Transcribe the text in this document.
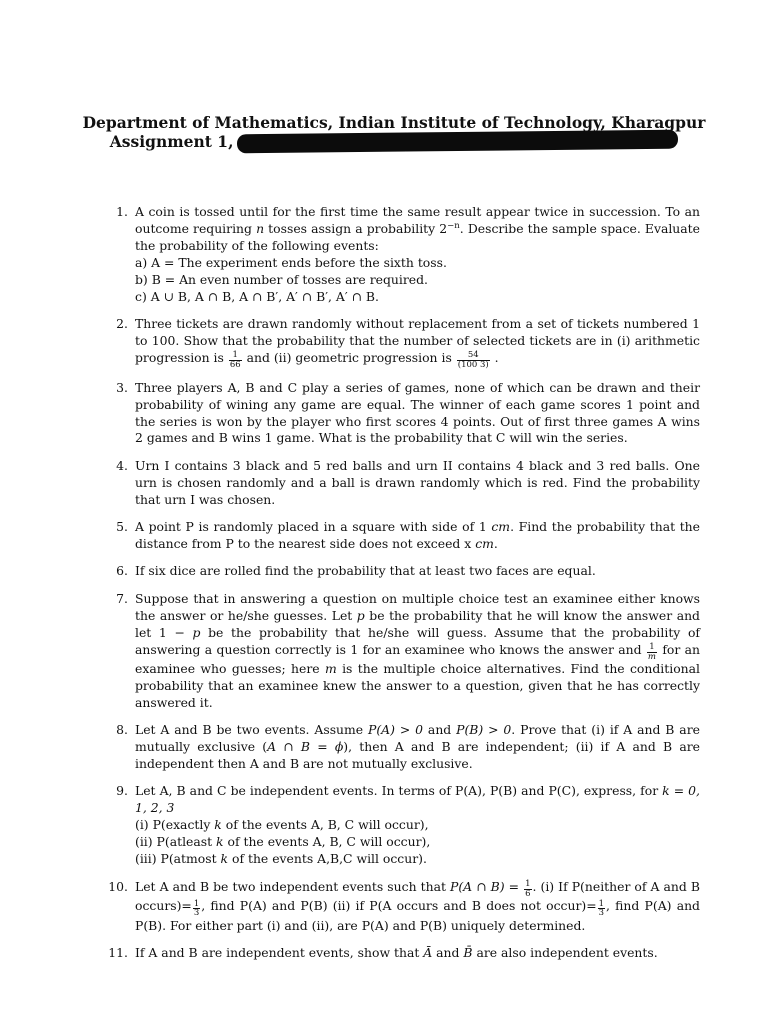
Department of Mathematics, Indian Institute of Technology, Kharagpur
Assignment 1,
1. A coin is tossed until for the first time the same result appear twice in succession. To an outcome requiring n tosses assign a probability $2^{-n}$. Describe the sample space. Evaluate the probability of the following events:

a) A = The experiment ends before the sixth toss.

b) B = An even number of tosses are required.

c) A ∪ B, A ∩ B, A ∩ B′, A′ ∩ B′, A′ ∩ B.

2. Three tickets are drawn randomly without replacement from a set of tickets numbered 1 to 100. Show that the probability that the number of selected tickets are in (i) arithmetic progression is $\frac{1}{66}$ and (ii) geometric progression is $\frac{54}{(100 3)}$ .

3. Three players A, B and C play a series of games, none of which can be drawn and their probability of wining any game are equal. The winner of each game scores 1 point and the series is won by the player who first scores 4 points. Out of first three games A wins 2 games and B wins 1 game. What is the probability that C will win the series.
4. Urn I contains 3 black and 5 red balls and urn II contains 4 black and 3 red balls. One urn is chosen randomly and a ball is drawn randomly which is red. Find the probability that urn I was chosen.
5. A point P is randomly placed in a square with side of 1 cm. Find the probability that the distance from P to the nearest side does not exceed x cm.

6. If six dice are rolled find the probability that at least two faces are equal.
7. Suppose that in answering a question on multiple choice test an examinee either knows the answer or he/she guesses. Let p be the probability that he will know the answer and let 1 − p be the probability that he/she will guess. Assume that the probability of answering a question correctly is 1 for an examinee who knows the answer and $\frac{1}{m}$ for an examinee who guesses; here m is the multiple choice alternatives. Find the conditional probability that an examinee knew the answer to a question, given that he has correctly answered it.

8. Let A and B be two events. Assume P(A) > 0 and P(B) > 0. Prove that (i) if A and B are mutually exclusive (A ∩ B = ϕ), then A and B are independent; (ii) if A and B are independent then A and B are not mutually exclusive.

9. Let A, B and C be independent events. In terms of P(A), P(B) and P(C), express, for k = 0, 1, 2, 3

(i) P(exactly k of the events A, B, C will occur),

(ii) P(atleast k of the events A, B, C will occur),

(iii) P(atmost k of the events A,B,C will occur).

10. Let A and B be two independent events such that P(A ∩ $B) = \frac{1}{6}$ . (i) If P(neither of A and B occurs)= $\frac{1}{3}$ , find P(A) and P(B) (ii) if P(A occurs and B does not occur)= $\frac{1}{3}$ , find P(A) and P(B). For either part (i) and (ii), are P(A) and P(B) uniquely determined.

11. If A and B are independent events, show that Ā and B̄ are also independent events.
